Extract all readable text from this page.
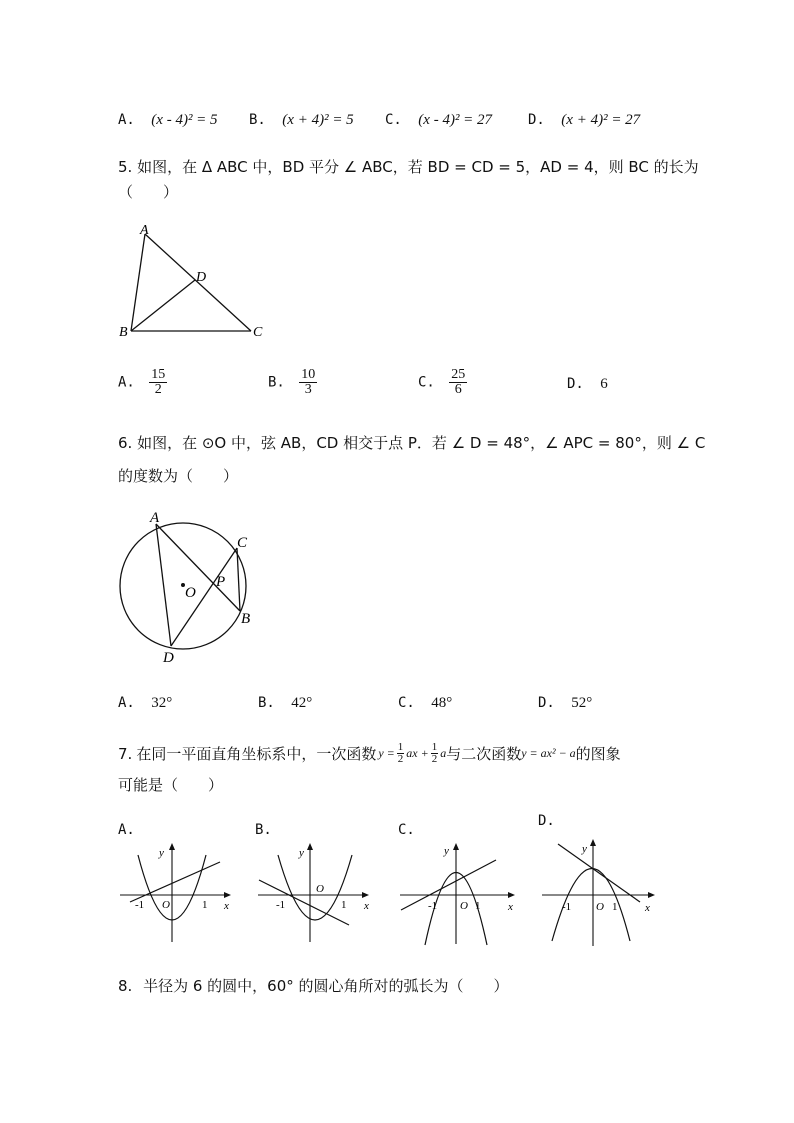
A. (x - 4)² = 5 B. (x + 4)² = 5 C. (x - 4)² = 27	D. (x + 4)² = 27
5. 如图，在 Δ ABC 中，BD 平分 ∠ ABC，若 BD = CD = 5，AD = 4，则 BC 的长为
（　　）
A
D
B	C
A. $\frac{15}{2}$	B. $\frac{10}{3}$	C. $\frac{25}{6}$	D. 6
6. 如图，在 ⊙O 中，弦 AB，CD 相交于点 P．若 ∠ D = 48°，∠ APC = 80°，则 ∠ C
的度数为（　　）
A
C
P
O
B
D
A. 32°	B. 42°	C. 48°	D. 52°
7. 在同一平面直角坐标系中，一次函数 $y = \frac{1}{2}$ ax + $\frac{1}{2}$ a 与二次函数 y = ax² − a 的图象
可能是（　　）
A.	B.	C.
D.
y
x
O
-1	1
y
x
O
-1	1
y
x
O
-1	1
y
x
O
-1	1
8. 半径为 6 的圆中，60° 的圆心角所对的弧长为（　　）
